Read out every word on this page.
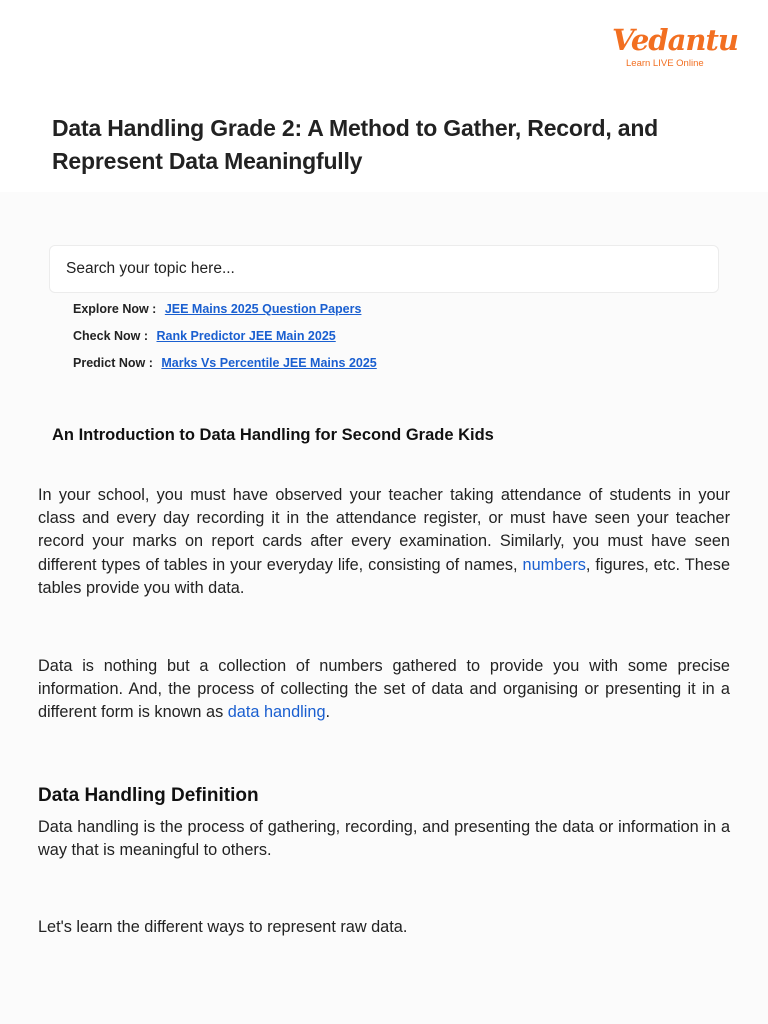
Vedantu
Learn LIVE Online
Data Handling Grade 2: A Method to Gather, Record, and Represent Data Meaningfully
Search your topic here...
Explore Now : JEE Mains 2025 Question Papers
Check Now : Rank Predictor JEE Main 2025
Predict Now : Marks Vs Percentile JEE Mains 2025
An Introduction to Data Handling for Second Grade Kids

In your school, you must have observed your teacher taking attendance of students in your class and every day recording it in the attendance register, or must have seen your teacher record your marks on report cards after every examination. Similarly, you must have seen different types of tables in your everyday life, consisting of names, numbers, figures, etc. These tables provide you with data.

Data is nothing but a collection of numbers gathered to provide you with some precise information. And, the process of collecting the set of data and organising or presenting it in a different form is known as data handling.

Data Handling Definition

Data handling is the process of gathering, recording, and presenting the data or information in a way that is meaningful to others.

Let's learn the different ways to represent raw data.
